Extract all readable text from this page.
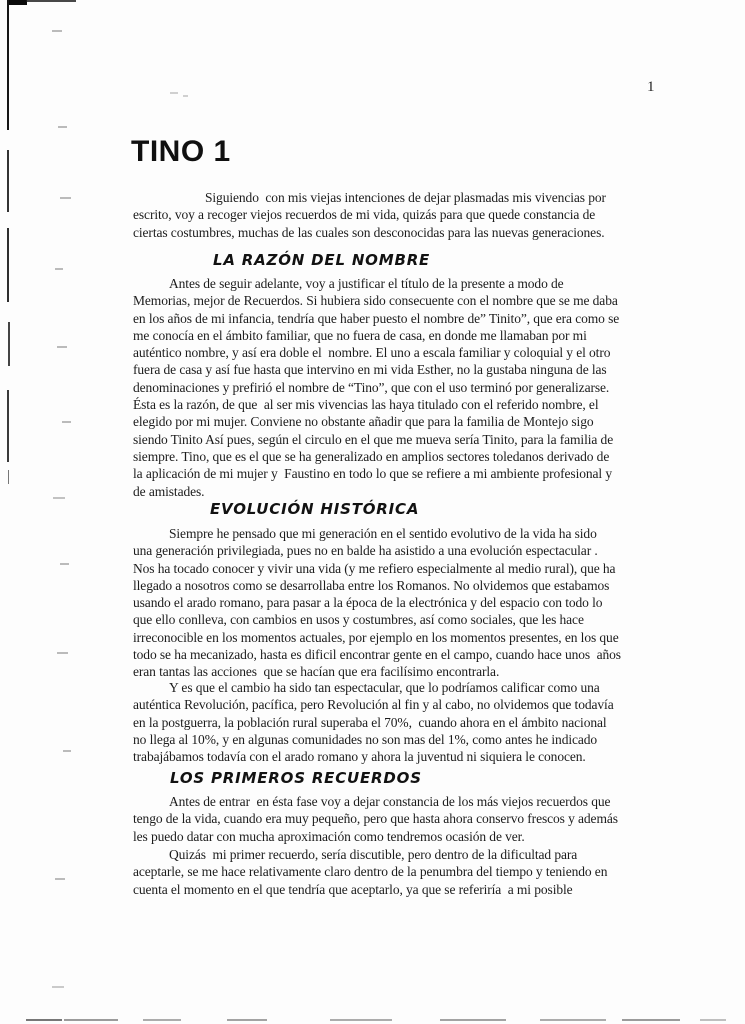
1
TINO 1
Siguiendo  con mis viejas intenciones de dejar plasmadas mis vivencias por
escrito, voy a recoger viejos recuerdos de mi vida, quizás para que quede constancia de
ciertas costumbres, muchas de las cuales son desconocidas para las nuevas generaciones.
LA RAZÓN DEL NOMBRE
Antes de seguir adelante, voy a justificar el título de la presente a modo de
Memorias, mejor de Recuerdos. Si hubiera sido consecuente con el nombre que se me daba
en los años de mi infancia, tendría que haber puesto el nombre de” Tinito”, que era como se
me conocía en el ámbito familiar, que no fuera de casa, en donde me llamaban por mi
auténtico nombre, y así era doble el  nombre. El uno a escala familiar y coloquial y el otro
fuera de casa y así fue hasta que intervino en mi vida Esther, no la gustaba ninguna de las
denominaciones y prefirió el nombre de “Tino”, que con el uso terminó por generalizarse.
Ésta es la razón, de que  al ser mis vivencias las haya titulado con el referido nombre, el
elegido por mi mujer. Conviene no obstante añadir que para la familia de Montejo sigo
siendo Tinito Así pues, según el circulo en el que me mueva sería Tinito, para la familia de
siempre. Tino, que es el que se ha generalizado en amplios sectores toledanos derivado de
la aplicación de mi mujer y  Faustino en todo lo que se refiere a mi ambiente profesional y
de amistades.
EVOLUCIÓN HISTÓRICA
Siempre he pensado que mi generación en el sentido evolutivo de la vida ha sido
una generación privilegiada, pues no en balde ha asistido a una evolución espectacular .
Nos ha tocado conocer y vivir una vida (y me refiero especialmente al medio rural), que ha
llegado a nosotros como se desarrollaba entre los Romanos. No olvidemos que estabamos
usando el arado romano, para pasar a la época de la electrónica y del espacio con todo lo
que ello conlleva, con cambios en usos y costumbres, así como sociales, que les hace
irreconocible en los momentos actuales, por ejemplo en los momentos presentes, en los que
todo se ha mecanizado, hasta es dificil encontrar gente en el campo, cuando hace unos  años
eran tantas las acciones  que se hacían que era facilísimo encontrarla.
Y es que el cambio ha sido tan espectacular, que lo podríamos calificar como una
auténtica Revolución, pacífica, pero Revolución al fin y al cabo, no olvidemos que todavía
en la postguerra, la población rural superaba el 70%,  cuando ahora en el ámbito nacional
no llega al 10%, y en algunas comunidades no son mas del 1%, como antes he indicado
trabajábamos todavía con el arado romano y ahora la juventud ni siquiera le conocen.
LOS PRIMEROS RECUERDOS
Antes de entrar  en ésta fase voy a dejar constancia de los más viejos recuerdos que
tengo de la vida, cuando era muy pequeño, pero que hasta ahora conservo frescos y además
les puedo datar con mucha aproximación como tendremos ocasión de ver.
Quizás  mi primer recuerdo, sería discutible, pero dentro de la dificultad para
aceptarle, se me hace relativamente claro dentro de la penumbra del tiempo y teniendo en
cuenta el momento en el que tendría que aceptarlo, ya que se referiría  a mi posible
